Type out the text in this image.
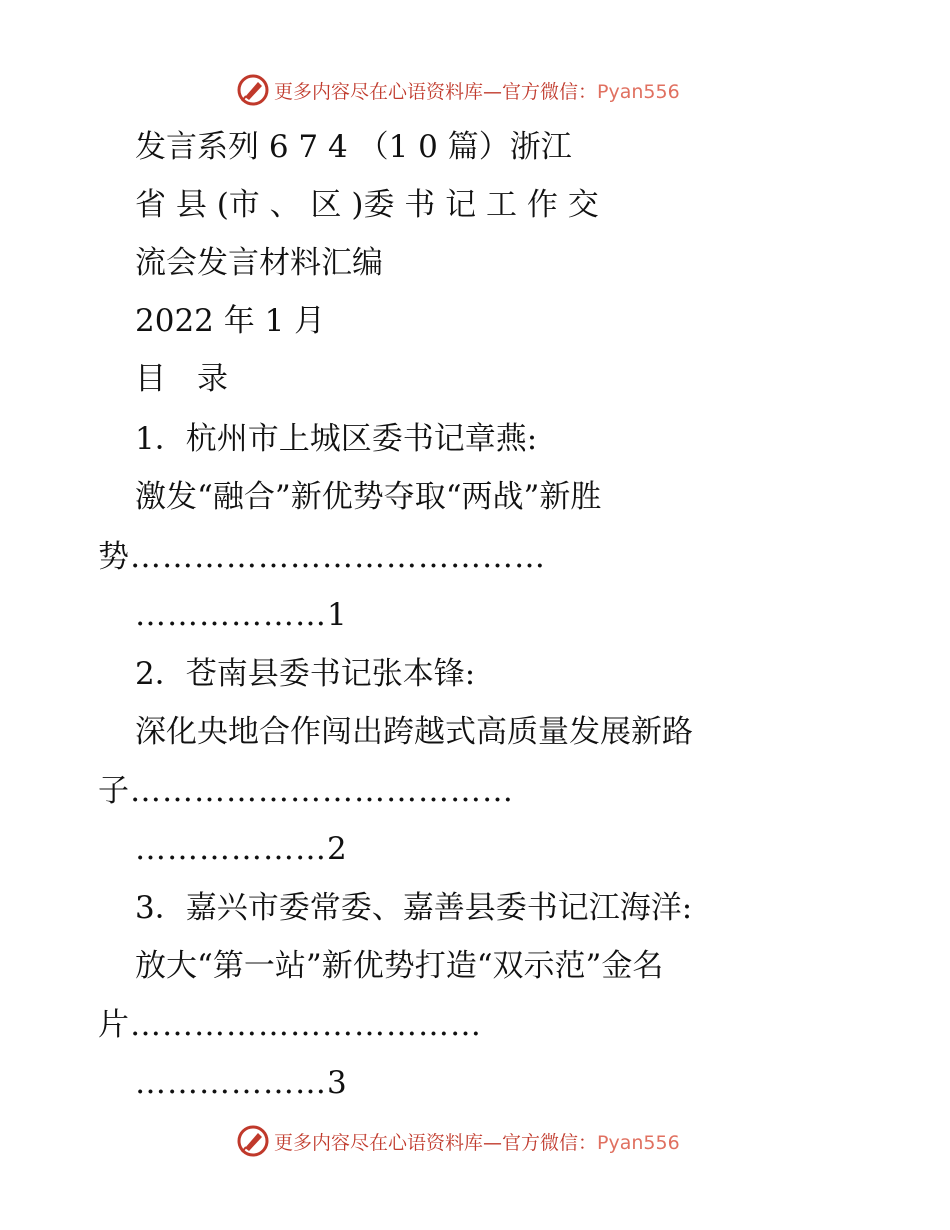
更多内容尽在心语资料库—官方微信：Pyan556
发言系列 6 7 4 （1 0 篇）浙江
省 县 (市 、 区 )委 书 记 工 作 交
流会发言材料汇编
2022 年 1 月
目　录
1．杭州市上城区委书记章燕:
激发“融合”新优势夺取“两战”新胜
势…………………………………
………………1
2．苍南县委书记张本锋:
深化央地合作闯出跨越式高质量发展新路
子………………………………
………………2
3．嘉兴市委常委、嘉善县委书记江海洋:
放大“第一站”新优势打造“双示范”金名
片……………………………
………………3
更多内容尽在心语资料库—官方微信：Pyan556
